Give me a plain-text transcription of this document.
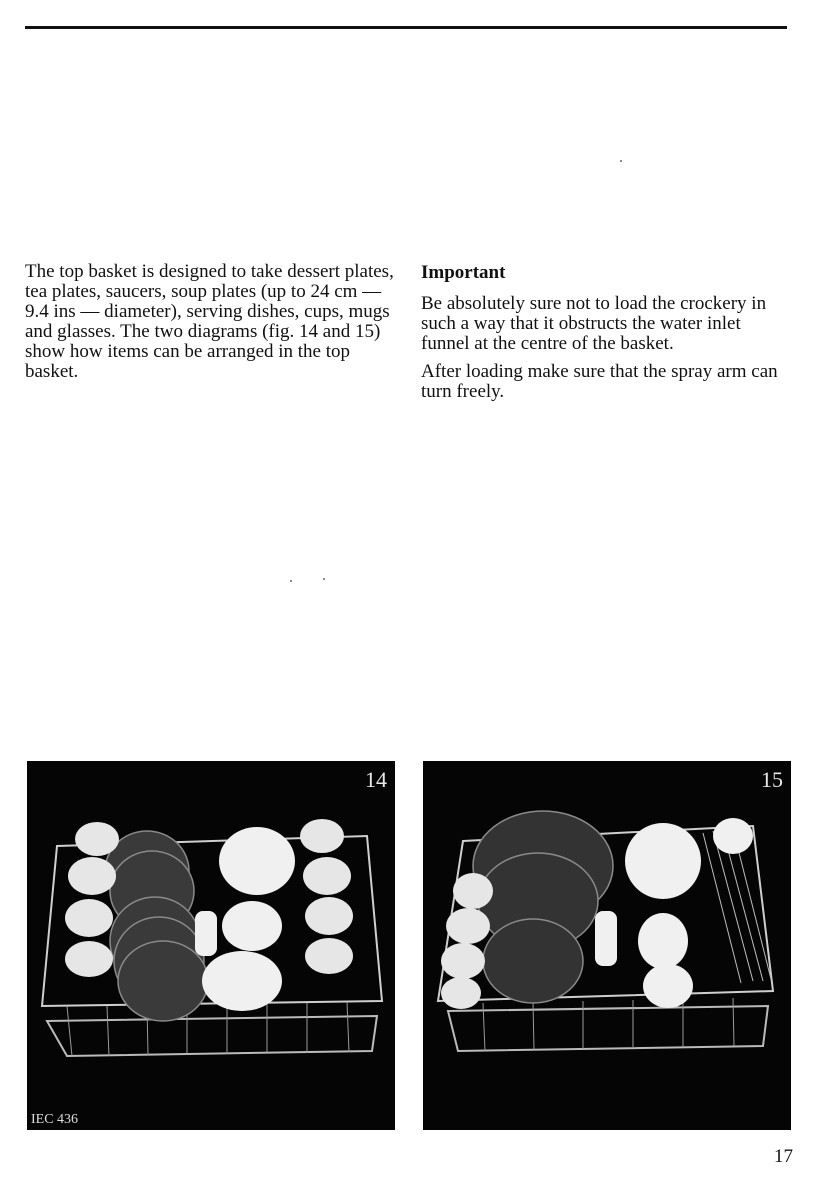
The top basket is designed to take dessert plates, tea plates, saucers, soup plates (up to 24 cm — 9.4 ins — diameter), serving dishes, cups, mugs and glasses. The two diagrams (fig. 14 and 15) show how items can be arranged in the top basket.

Important

Be absolutely sure not to load the crockery in such a way that it obstructs the water inlet funnel at the centre of the basket.

After loading make sure that the spray arm can turn freely.

14
IEC 436
15
17
